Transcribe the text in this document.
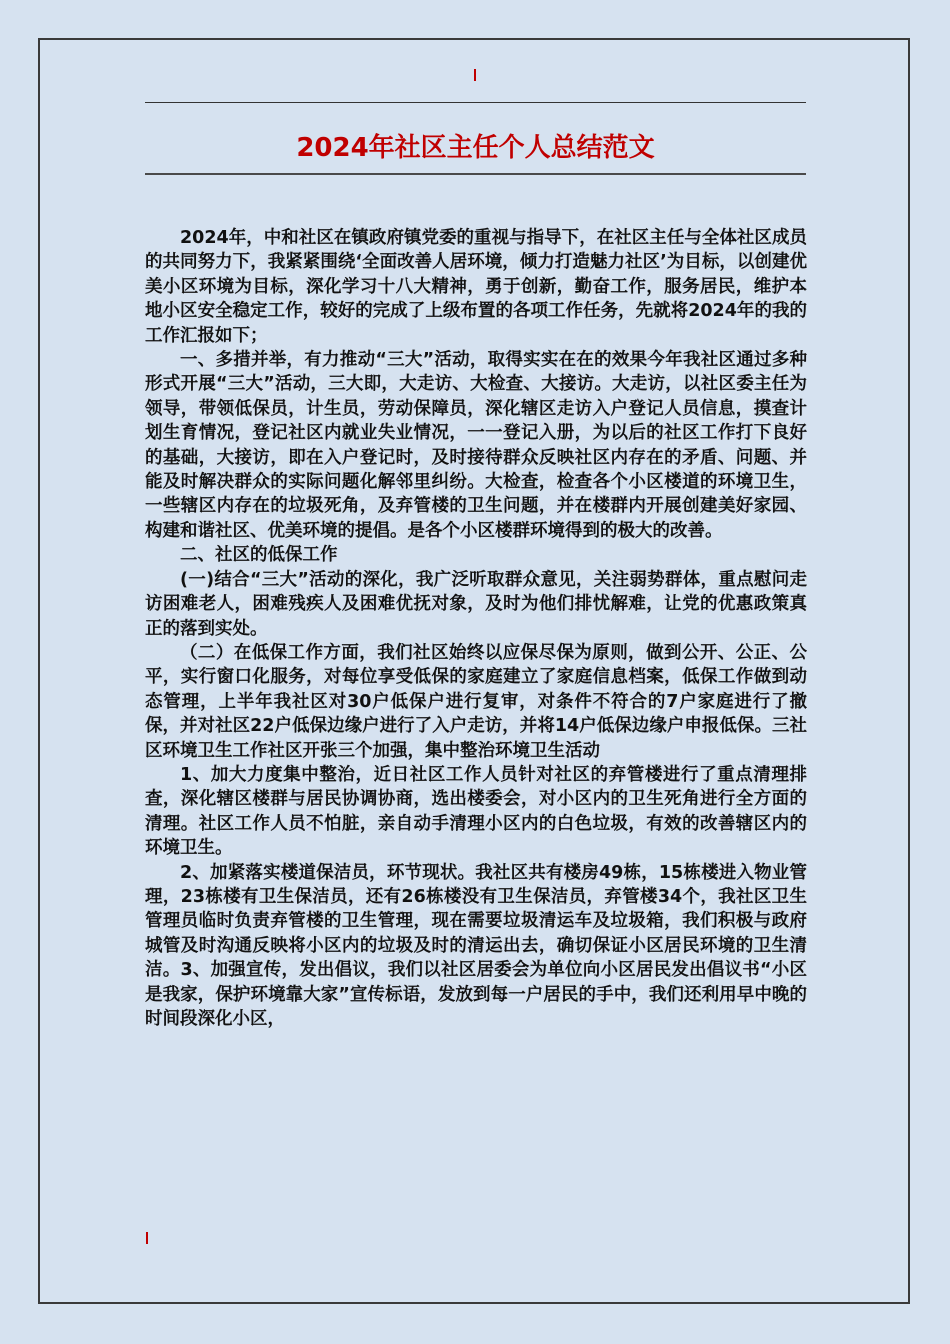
2024年社区主任个人总结范文

2024年，中和社区在镇政府镇党委的重视与指导下，在社区主任与全体社区成员的共同努力下，我紧紧围绕‘全面改善人居环境，倾力打造魅力社区’为目标，以创建优美小区环境为目标，深化学习十八大精神，勇于创新，勤奋工作，服务居民，维护本地小区安全稳定工作，较好的完成了上级布置的各项工作任务，先就将2024年的我的工作汇报如下；

一、多措并举，有力推动“三大”活动，取得实实在在的效果今年我社区通过多种形式开展“三大”活动，三大即，大走访、大检查、大接访。大走访，以社区委主任为领导，带领低保员，计生员，劳动保障员，深化辖区走访入户登记人员信息，摸查计划生育情况，登记社区内就业失业情况，一一登记入册，为以后的社区工作打下良好的基础，大接访，即在入户登记时，及时接待群众反映社区内存在的矛盾、问题、并能及时解决群众的实际问题化解邻里纠纷。大检查，检查各个小区楼道的环境卫生，一些辖区内存在的垃圾死角，及弃管楼的卫生问题，并在楼群内开展创建美好家园、构建和谐社区、优美环境的提倡。是各个小区楼群环境得到的极大的改善。

二、社区的低保工作

(一)结合“三大”活动的深化，我广泛听取群众意见，关注弱势群体，重点慰问走访困难老人，困难残疾人及困难优抚对象，及时为他们排忧解难，让党的优惠政策真正的落到实处。

（二）在低保工作方面，我们社区始终以应保尽保为原则，做到公开、公正、公平，实行窗口化服务，对每位享受低保的家庭建立了家庭信息档案，低保工作做到动态管理，上半年我社区对30户低保户进行复审，对条件不符合的7户家庭进行了撤保，并对社区22户低保边缘户进行了入户走访，并将14户低保边缘户申报低保。三社区环境卫生工作社区开张三个加强，集中整治环境卫生活动

1、加大力度集中整治，近日社区工作人员针对社区的弃管楼进行了重点清理排查，深化辖区楼群与居民协调协商，选出楼委会，对小区内的卫生死角进行全方面的清理。社区工作人员不怕脏，亲自动手清理小区内的白色垃圾，有效的改善辖区内的环境卫生。

2、加紧落实楼道保洁员，环节现状。我社区共有楼房49栋，15栋楼进入物业管理，23栋楼有卫生保洁员，还有26栋楼没有卫生保洁员，弃管楼34个，我社区卫生管理员临时负责弃管楼的卫生管理，现在需要垃圾清运车及垃圾箱，我们积极与政府城管及时沟通反映将小区内的垃圾及时的清运出去，确切保证小区居民环境的卫生清洁。3、加强宣传，发出倡议，我们以社区居委会为单位向小区居民发出倡议书“小区是我家，保护环境靠大家”宣传标语，发放到每一户居民的手中，我们还利用早中晚的时间段深化小区，
